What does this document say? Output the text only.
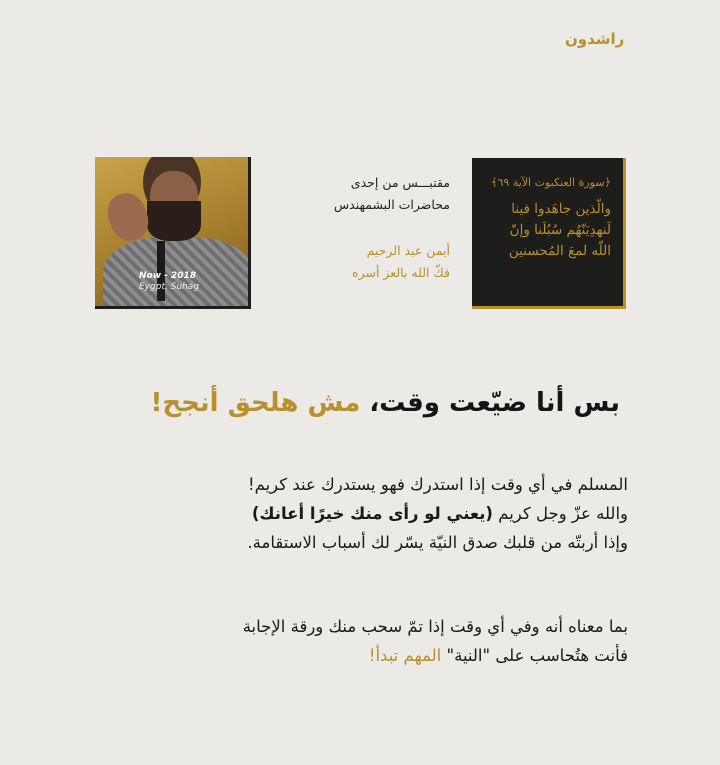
راشدون
﴿سورة العنكبوت الآية ٦٩﴾
والّذين جاهَدوا فينا
لَنهدِيَنّهُم سُبُلَنا وإنّ
اللّه لمعَ المُحسنين
مقتبـــس من إحدى
محاضرات البشمهندس
أيمن عبد الرحيم
فكّ الله بالعز أسره
Now - 2018
Eygpt, Suhag
بس أنا ضيّعت وقت، مش هلحق أنجح!
المسلم في أي وقت إذا استدرك فهو يستدرك عند كريم!
والله عزّ وجل كريم (يعني لو رأى منك خيرًا أعانك)
وإذا أربتّه من قلبك صدق النيّة يسّر لك أسباب الاستقامة.
بما معناه أنه وفي أي وقت إذا تمّ سحب منك ورقة الإجابة
فأنت هتُحاسب على "النية" المهم تبدأ!
